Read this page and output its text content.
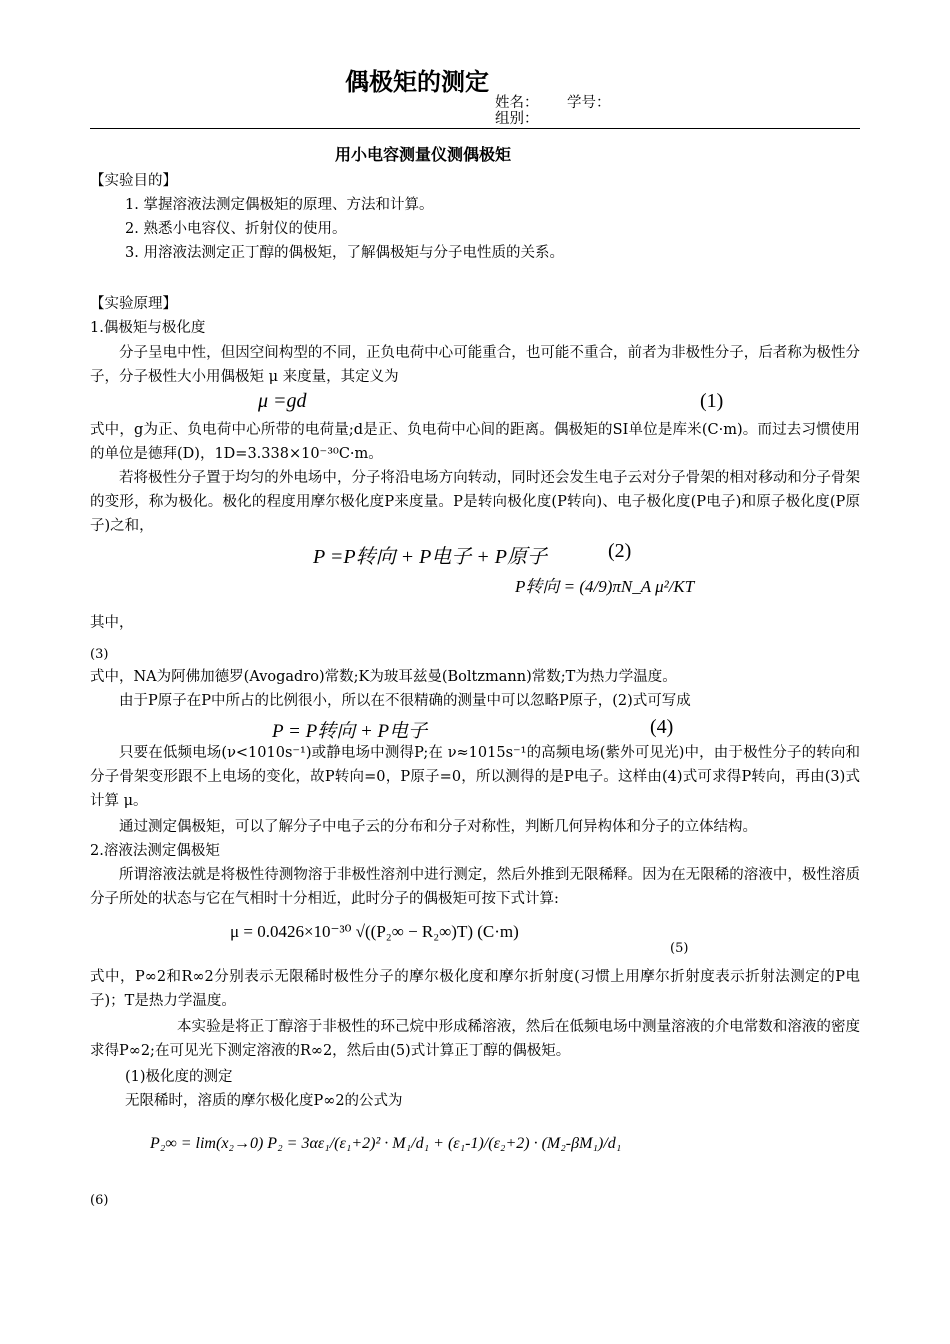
偶极矩的测定
姓名： 学号：
组别：
用小电容测量仪测偶极矩
【实验目的】
1. 掌握溶液法测定偶极矩的原理、方法和计算。
2. 熟悉小电容仪、折射仪的使用。
3. 用溶液法测定正丁醇的偶极矩，了解偶极矩与分子电性质的关系。
【实验原理】
1.偶极矩与极化度
分子呈电中性，但因空间构型的不同，正负电荷中心可能重合，也可能不重合，前者为非极性分子，后者称为极性分子，分子极性大小用偶极矩 μ 来度量，其定义为
μ =gd	(1)
式中，g为正、负电荷中心所带的电荷量;d是正、负电荷中心间的距离。偶极矩的SI单位是库米(C·m)。而过去习惯使用的单位是德拜(D)，1D=3.338×10⁻³⁰C·m。
若将极性分子置于均匀的外电场中，分子将沿电场方向转动，同时还会发生电子云对分子骨架的相对移动和分子骨架的变形，称为极化。极化的程度用摩尔极化度P来度量。P是转向极化度(P转向)、电子极化度(P电子)和原子极化度(P原子)之和，
P =P转向 + P电子 + P原子	(2)
P转向 = (4/9)πN_A μ²/KT
其中，
(3)
式中，NA为阿佛加德罗(Avogadro)常数;K为玻耳兹曼(Boltzmann)常数;T为热力学温度。
由于P原子在P中所占的比例很小，所以在不很精确的测量中可以忽略P原子，(2)式可写成
P = P转向 + P电子	(4)
只要在低频电场(ν<1010s⁻¹)或静电场中测得P;在 ν≈1015s⁻¹的高频电场(紫外可见光)中，由于极性分子的转向和分子骨架变形跟不上电场的变化，故P转向=0，P原子=0，所以测得的是P电子。这样由(4)式可求得P转向，再由(3)式计算 μ。
通过测定偶极矩，可以了解分子中电子云的分布和分子对称性，判断几何异构体和分子的立体结构。
2.溶液法测定偶极矩
所谓溶液法就是将极性待测物溶于非极性溶剂中进行测定，然后外推到无限稀释。因为在无限稀的溶液中，极性溶质分子所处的状态与它在气相时十分相近，此时分子的偶极矩可按下式计算:
μ = 0.0426×10⁻³⁰ √((P₂∞ − R₂∞)T) (C·m)
(5)
式中，P∞2和R∞2分别表示无限稀时极性分子的摩尔极化度和摩尔折射度(习惯上用摩尔折射度表示折射法测定的P电子)；T是热力学温度。
本实验是将正丁醇溶于非极性的环己烷中形成稀溶液，然后在低频电场中测量溶液的介电常数和溶液的密度求得P∞2;在可见光下测定溶液的R∞2，然后由(5)式计算正丁醇的偶极矩。
(1)极化度的测定
无限稀时，溶质的摩尔极化度P∞2的公式为
P₂∞ = lim(x₂→0) P₂ = 3αε₁/(ε₁+2)² · M₁/d₁ + (ε₁-1)/(ε₂+2) · (M₂-βM₁)/d₁
(6)
